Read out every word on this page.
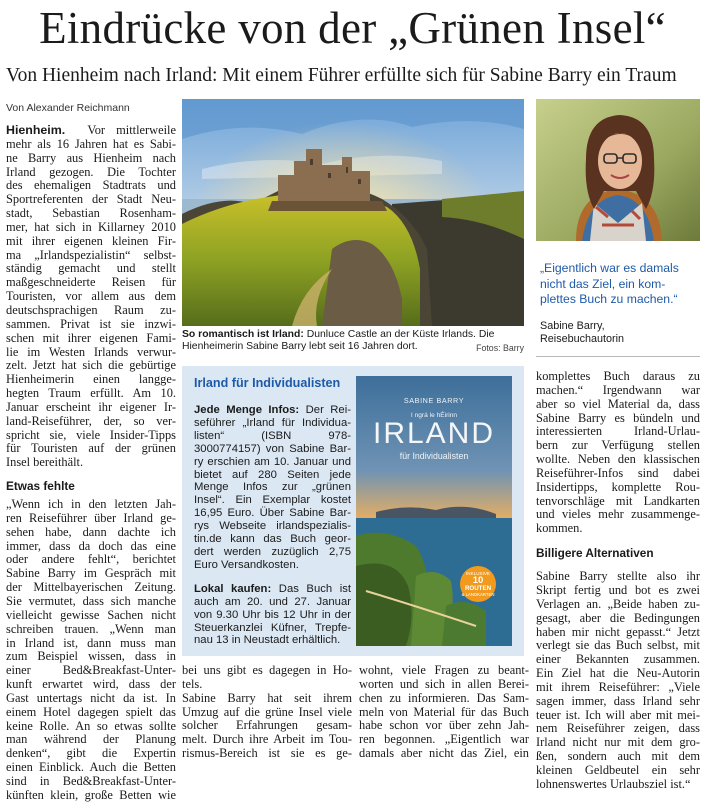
Eindrücke von der „Grünen Insel“
Von Hienheim nach Irland: Mit einem Führer erfüllte sich für Sabine Barry ein Traum
Von Alexander Reichmann

Hienheim. Vor mittlerweile
mehr als 16 Jahren hat es Sabi-
ne Barry aus Hienheim nach
Irland gezogen. Die Tochter
des ehemaligen Stadtrats und
Sportreferenten der Stadt Neu-
stadt, Sebastian Rosenham-
mer, hat sich in Killarney 2010
mit ihrer eigenen kleinen Fir-
ma „Irlandspezialistin“ selbst-
ständig gemacht und stellt
maßgeschneiderte Reisen für
Touristen, vor allem aus dem
deutschsprachigen Raum zu-
sammen. Privat ist sie inzwi-
schen mit ihrer eigenen Fami-
lie im Westen Irlands verwur-
zelt. Jetzt hat sich die gebürtige
Hienheimerin einen langge-
hegten Traum erfüllt. Am 10.
Januar erscheint ihr eigener Ir-
land-Reiseführer, der, so ver-
spricht sie, viele Insider-Tipps
für Touristen auf der grünen
Insel bereithält.

Etwas fehlte

„Wenn ich in den letzten Jah-
ren Reiseführer über Irland ge-
sehen habe, dann dachte ich
immer, dass da doch das eine
oder andere fehlt“, berichtet
Sabine Barry im Gespräch mit
der Mittelbayerischen Zeitung.
Sie vermutet, dass sich manche
vielleicht gewisse Sachen nicht
schreiben trauen. „Wenn man
in Irland ist, dann muss man
zum Beispiel wissen, dass in
einer Bed&Breakfast-Unter-
kunft erwartet wird, dass der
Gast untertags nicht da ist. In
einem Hotel dagegen spielt das
keine Rolle. An so etwas sollte
man während der Planung
denken“, gibt die Expertin
einen Einblick. Auch die Betten
sind in Bed&Breakfast-Unter-
künften klein, große Betten wie

bei uns gibt es dagegen in Ho-
tels.
Sabine Barry hat seit ihrem
Umzug auf die grüne Insel viele
solcher Erfahrungen gesam-
melt. Durch ihre Arbeit im Tou-
rismus-Bereich ist sie es ge-
wohnt, viele Fragen zu beant-
worten und sich in allen Berei-
chen zu informieren. Das Sam-
meln von Material für das Buch
habe schon vor über zehn Jah-
ren begonnen. „Eigentlich war
damals aber nicht das Ziel, ein
So romantisch ist Irland: Dunluce Castle an der Küste Irlands. Die
Hienheimerin Sabine Barry lebt seit 16 Jahren dort.	Fotos: Barry
„Eigentlich war es damals
nicht das Ziel, ein kom-
plettes Buch zu machen.“
Sabine Barry,
Reisebuchautorin
Irland für Individualisten
Jede Menge Infos: Der Rei-
seführer „Irland für Individua-
listen“ (ISBN 978-
3000774157) von Sabine Bar-
ry erschien am 10. Januar und
bietet auf 280 Seiten jede
Menge Infos zur „grünen
Insel“. Ein Exemplar kostet
16,95 Euro. Über Sabine Bar-
rys Webseite irlandspezialis-
tin.de kann das Buch geor-
dert werden zuzüglich 2,75
Euro Versandkosten.
Lokal kaufen: Das Buch ist
auch am 20. und 27. Januar
von 9.30 Uhr bis 12 Uhr in der
Steuerkanzlei Küfner, Trepfe-
nau 13 in Neustadt erhältlich.
SABINE BARRY
I ngrá le hÉirinn
IRLAND
für Individualisten
INKLUSIVE
10
ROUTEN
& LANDKARTEN

komplettes Buch daraus zu
machen.“ Irgendwann war
aber so viel Material da, dass
Sabine Barry es bündeln und
interessierten Irland-Urlau-
bern zur Verfügung stellen
wollte. Neben den klassischen
Reiseführer-Infos sind dabei
Insidertipps, komplette Rou-
tenvorschläge mit Landkarten
und vieles mehr zusammenge-
kommen.

Billigere Alternativen

Sabine Barry stellte also ihr
Skript fertig und bot es zwei
Verlagen an. „Beide haben zu-
gesagt, aber die Bedingungen
haben mir nicht gepasst.“ Jetzt
verlegt sie das Buch selbst, mit
einer Bekannten zusammen.
Ein Ziel hat die Neu-Autorin
mit ihrem Reiseführer: „Viele
sagen immer, dass Irland sehr
teuer ist. Ich will aber mit mei-
nem Reiseführer zeigen, dass
Irland nicht nur mit dem gro-
ßen, sondern auch mit dem
kleinen Geldbeutel ein sehr
lohnenswertes Urlaubsziel ist.“
